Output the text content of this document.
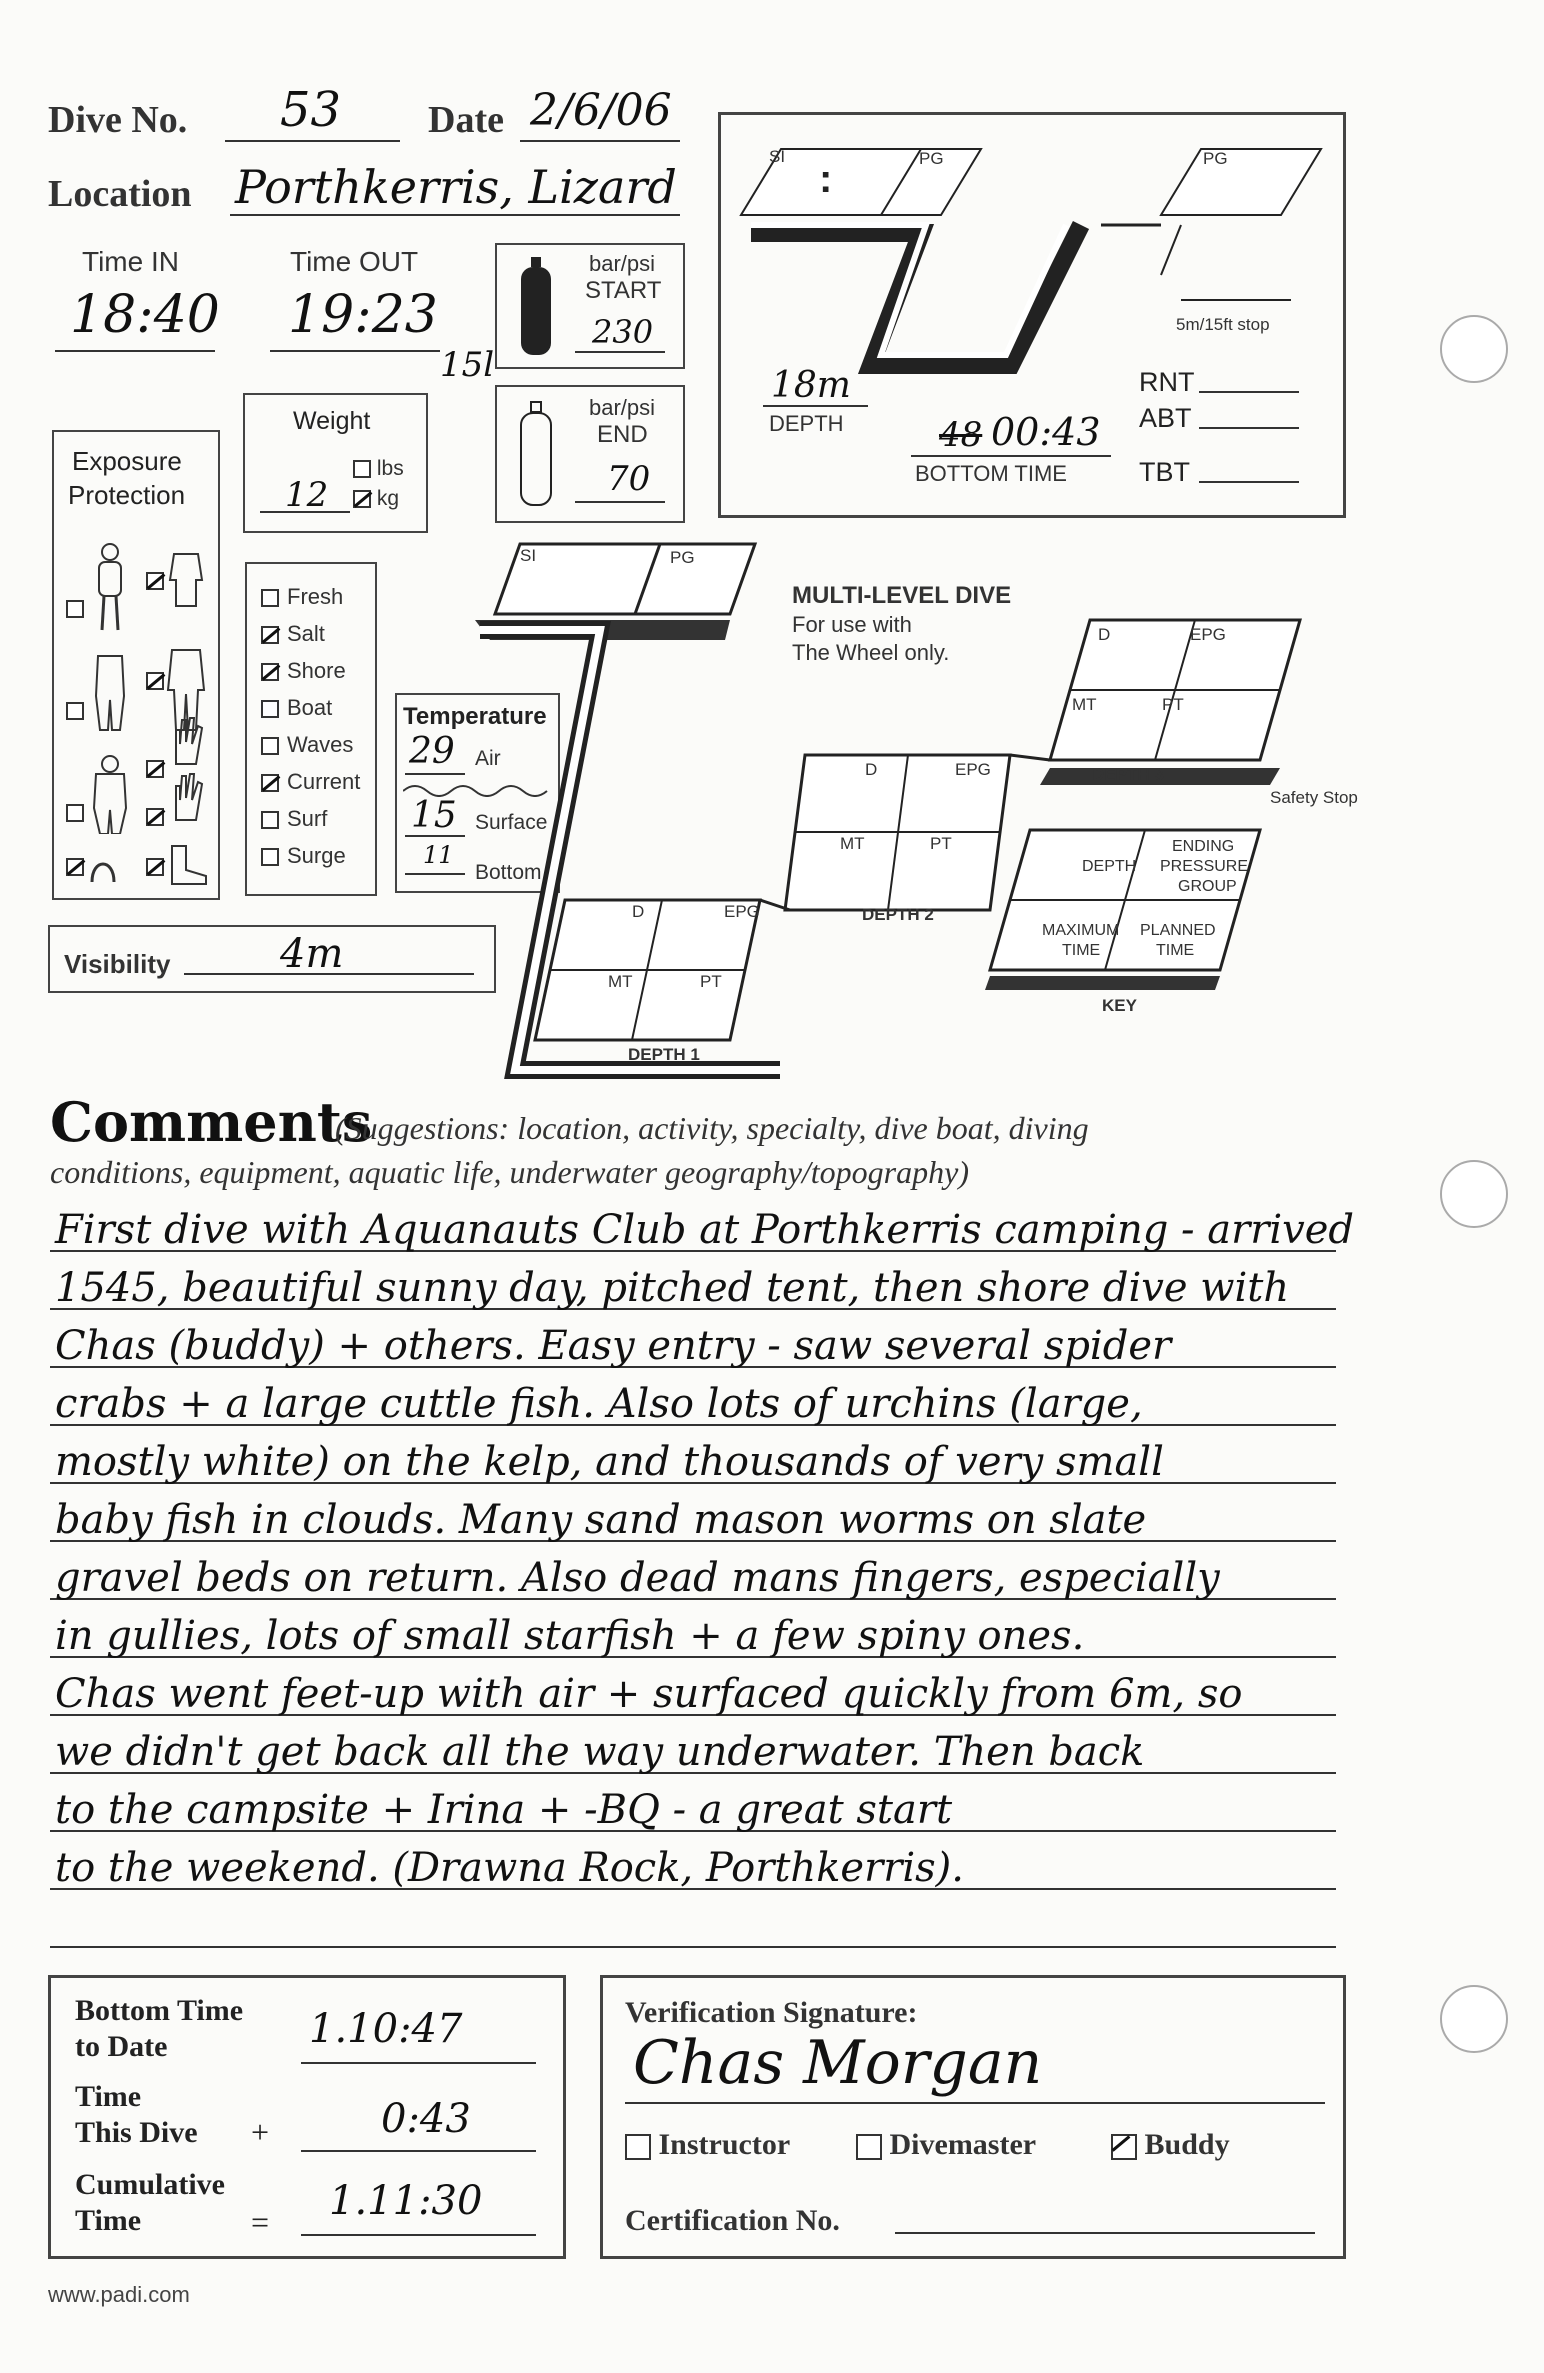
Dive No. 53 Date 2/6/06
Location Porthkerris, Lizard
Time IN
18:40
Time OUT
19:23
15l
bar/psi
START
230
bar/psi
END
70
Weight
12
lbs
kg
SI
:	PG	PG
5m/15ft stop
18m
DEPTH	48 00:43
BOTTOM TIME
RNT
ABT
TBT
Exposure
Protection
Fresh
Salt
Shore
Boat
Waves
Current
Surf
Surge
Temperature
29 Air
15 Surface
11
Bottom
Visibility	4m
SI	PG
MULTI-LEVEL DIVE
For use with
The Wheel only.
D	EPG
MT	PT
DEPTH 1
D	EPG
MT	PT
DEPTH 2
D	EPG
MT	PT
DEPTH 3
Safety Stop
DEPTH
ENDING
PRESSURE
GROUP
MAXIMUM
TIME
PLANNED
TIME
KEY
Comments
(Suggestions: location, activity, specialty, dive boat, diving
conditions, equipment, aquatic life, underwater geography/topography)
First dive with Aquanauts Club at Porthkerris camping - arrived
1545, beautiful sunny day, pitched tent, then shore dive with
Chas (buddy) + others. Easy entry - saw several spider
crabs + a large cuttle fish. Also lots of urchins (large,
mostly white) on the kelp, and thousands of very small
baby fish in clouds. Many sand mason worms on slate
gravel beds on return. Also dead mans fingers, especially
in gullies, lots of small starfish + a few spiny ones.
Chas went feet-up with air + surfaced quickly from 6m, so
we didn't get back all the way underwater. Then back
to the campsite + Irina + -BQ - a great start
to the weekend. (Drawna Rock, Porthkerris).
Bottom Time
to Date	1.10:47
Time
This Dive +	0:43
Cumulative
Time	= 1.11:30
Verification Signature:
Chas Morgan
Instructor	Divemaster	Buddy
Certification No.
www.padi.com
